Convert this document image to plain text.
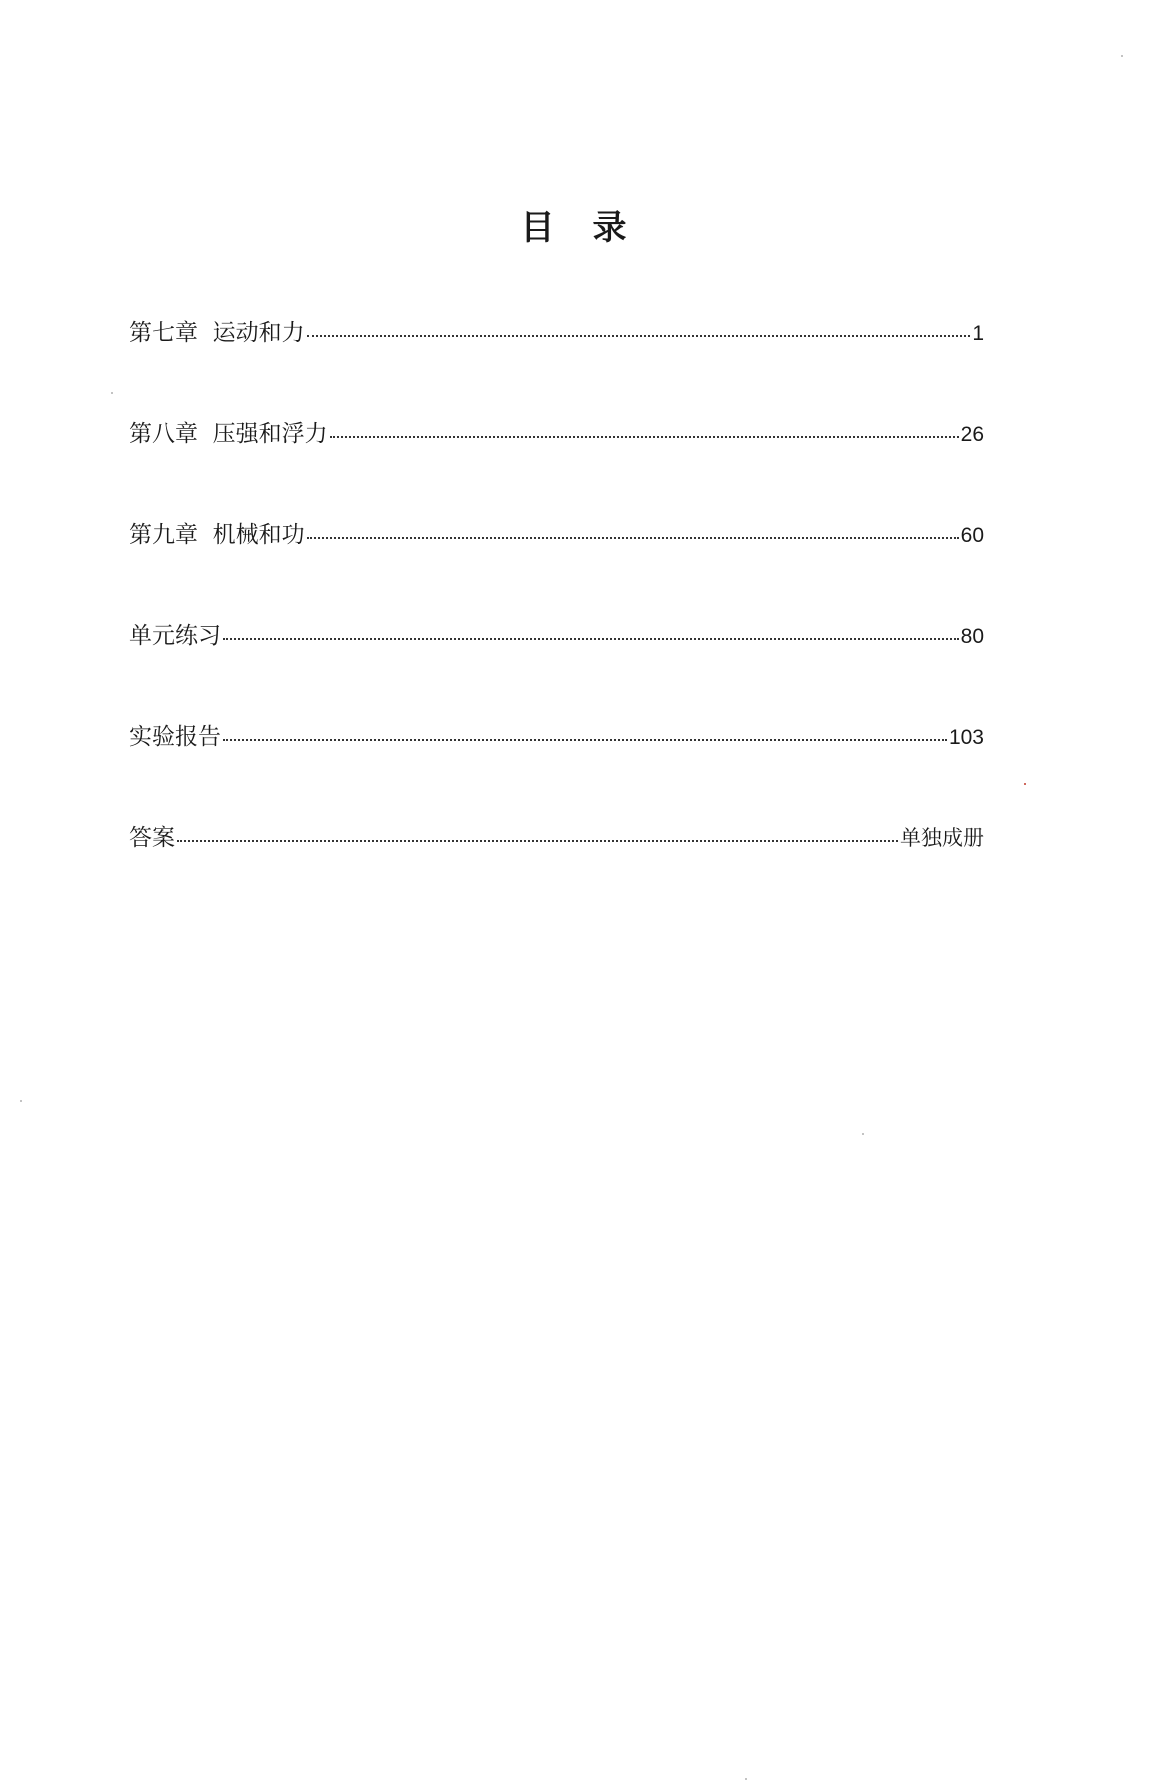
目 录
第七章  运动和力	1
第八章  压强和浮力	26
第九章  机械和功	60
单元练习	80
实验报告	103
答案	单独成册
